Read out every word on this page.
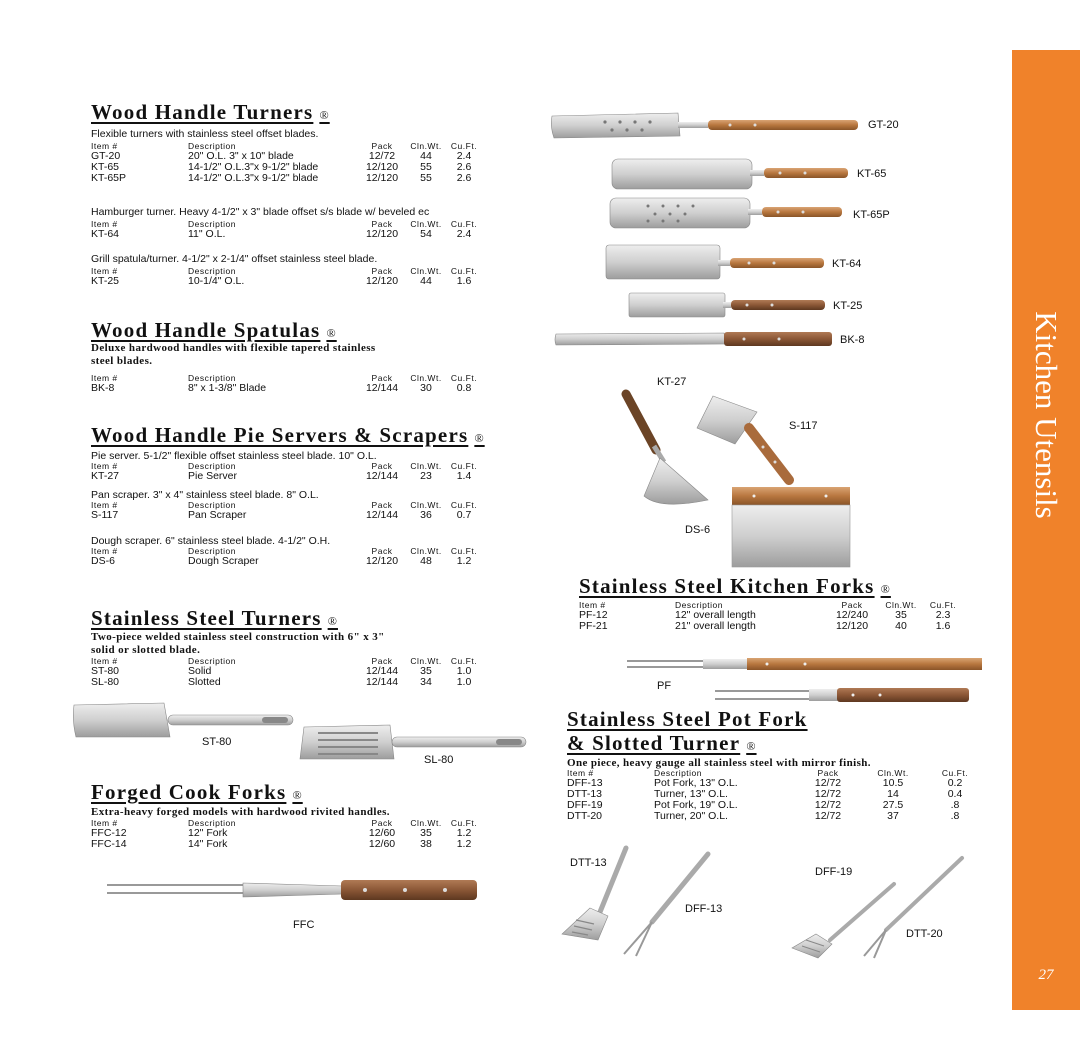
Kitchen Utensils
27
Wood Handle Turners ®
Flexible turners with stainless steel offset blades.
Item #	Description	Pack	Cln.Wt.	Cu.Ft.
GT-20	20" O.L. 3" x 10" blade	12/72	44	2.4
KT-65	14-1/2" O.L.3"x 9-1/2" blade	12/120	55	2.6
KT-65P	14-1/2" O.L.3"x 9-1/2" blade	12/120	55	2.6
Hamburger turner. Heavy 4-1/2" x 3" blade offset s/s blade w/ beveled ec
Item #	Description	Pack	Cln.Wt.	Cu.Ft.
KT-64	11" O.L.	12/120	54	2.4
Grill spatula/turner. 4-1/2" x 2-1/4" offset stainless steel blade.
Item #	Description	Pack	Cln.Wt.	Cu.Ft.
KT-25	10-1/4" O.L.	12/120	44	1.6
Wood Handle Spatulas ®
Deluxe hardwood handles with flexible tapered stainless
steel blades.
Item #	Description	Pack	Cln.Wt.	Cu.Ft.
BK-8	8" x 1-3/8" Blade	12/144	30	0.8
Wood Handle Pie Servers & Scrapers ®
Pie server. 5-1/2" flexible offset stainless steel blade. 10" O.L.
Item #	Description	Pack	Cln.Wt.	Cu.Ft.
KT-27	Pie Server	12/144	23	1.4
Pan scraper. 3" x 4" stainless steel blade. 8" O.L.
Item #	Description	Pack	Cln.Wt.	Cu.Ft.
S-117	Pan Scraper	12/144	36	0.7
Dough scraper. 6" stainless steel blade. 4-1/2" O.H.
Item #	Description	Pack	Cln.Wt.	Cu.Ft.
DS-6	Dough Scraper	12/120	48	1.2
Stainless Steel Turners ®
Two-piece welded stainless steel construction with 6" x 3"
solid or slotted blade.
Item #	Description	Pack	Cln.Wt.	Cu.Ft.
ST-80	Solid	12/144	35	1.0
SL-80	Slotted	12/144	34	1.0
Forged Cook Forks ®
Extra-heavy forged models with hardwood rivited handles.
Item #	Description	Pack	Cln.Wt.	Cu.Ft.
FFC-12	12" Fork	12/60	35	1.2
FFC-14	14" Fork	12/60	38	1.2
Stainless Steel Kitchen Forks ®
Item #	Description	Pack	Cln.Wt.	Cu.Ft.
PF-12	12" overall length	12/240	35	2.3
PF-21	21" overall length	12/120	40	1.6
Stainless Steel Pot Fork
& Slotted Turner ®
One piece, heavy gauge all stainless steel with mirror finish.
Item #	Description	Pack	Cln.Wt.	Cu.Ft.
DFF-13	Pot Fork, 13" O.L.	12/72	10.5	0.2
DTT-13	Turner, 13" O.L.	12/72	14	0.4
DFF-19	Pot Fork, 19" O.L.	12/72	27.5	.8
DTT-20	Turner, 20" O.L.	12/72	37	.8
GT-20
KT-65
KT-65P
KT-64
KT-25
BK-8
KT-27
S-117
DS-6
PF
ST-80
SL-80
FFC
DTT-13
DFF-13
DFF-19
DTT-20
